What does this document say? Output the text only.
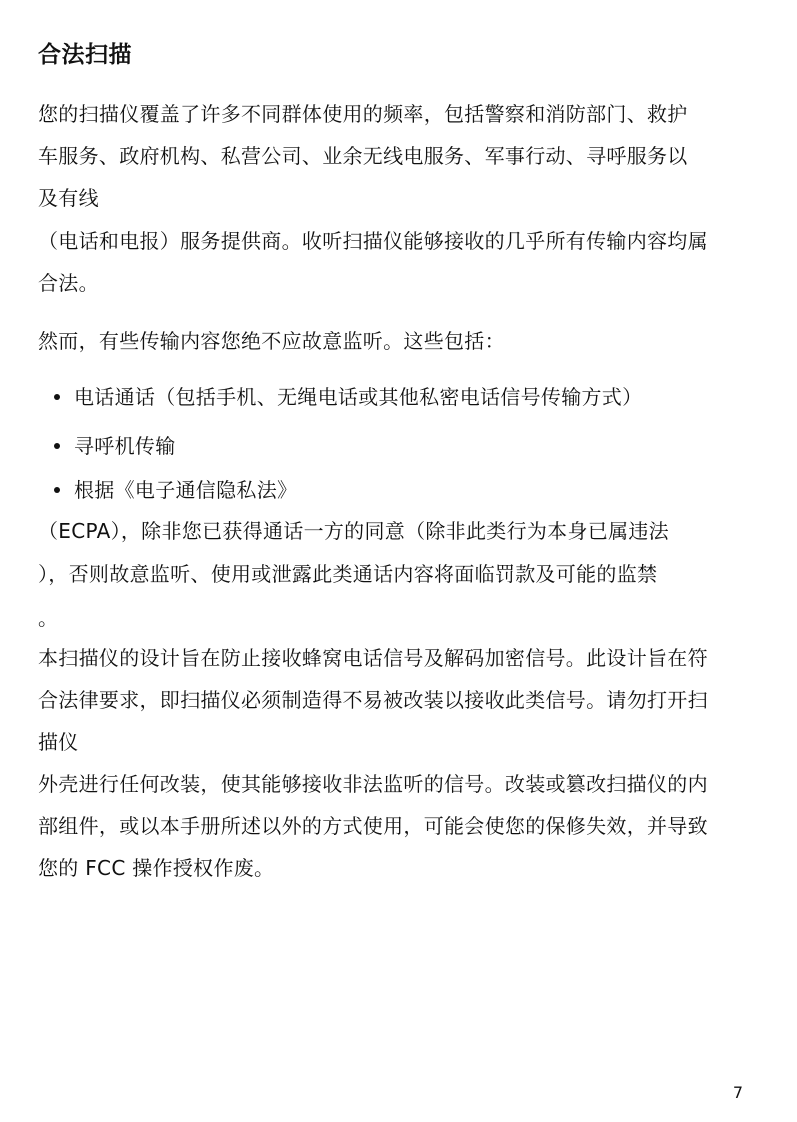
合法扫描
您的扫描仪覆盖了许多不同群体使用的频率，包括警察和消防部门、救护
车服务、政府机构、私营公司、业余无线电服务、军事行动、寻呼服务以
及有线
（电话和电报）服务提供商。收听扫描仪能够接收的几乎所有传输内容均属
合法。
然而，有些传输内容您绝不应故意监听。这些包括：
电话通话（包括手机、无绳电话或其他私密电话信号传输方式）
寻呼机传输
根据《电子通信隐私法》
（ECPA），除非您已获得通话一方的同意（除非此类行为本身已属违法
），否则故意监听、使用或泄露此类通话内容将面临罚款及可能的监禁
。
本扫描仪的设计旨在防止接收蜂窝电话信号及解码加密信号。此设计旨在符
合法律要求，即扫描仪必须制造得不易被改装以接收此类信号。请勿打开扫
描仪
外壳进行任何改装，使其能够接收非法监听的信号。改装或篡改扫描仪的内
部组件，或以本手册所述以外的方式使用，可能会使您的保修失效，并导致
您的 FCC 操作授权作废。
7
